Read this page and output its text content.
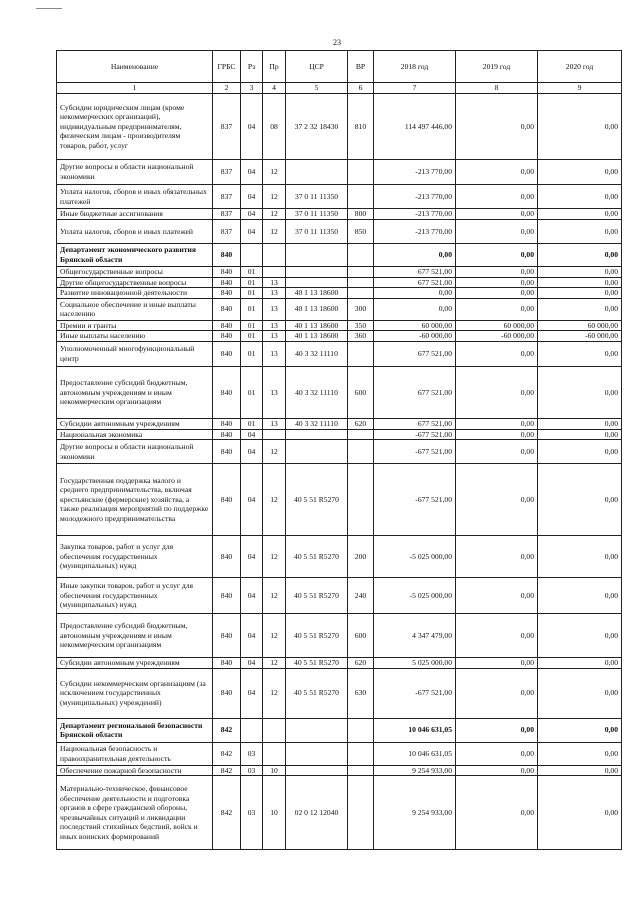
23
Наименование	ГРБС	Рз	Пр	ЦСР	ВР	2018 год	2019 год	2020 год
1	2	3	4	5	6	7	8	9
Субсидии юридическим лицам (кроме некоммерческих организаций), индивидуальным предпринимателям, физическим лицам - производителям товаров, работ, услуг	837	04	08	37 2 32 18430	810	114 497 446,00	0,00	0,00
Другие вопросы в области национальной экономики	837	04	12			-213 770,00	0,00	0,00
Уплата налогов, сборов и иных обязательных платежей	837	04	12	37 0 11 11350		-213 770,00	0,00	0,00
Иные бюджетные ассигнования	837	04	12	37 0 11 11350	800	-213 770,00	0,00	0,00
Уплата налогов, сборов и иных платежей	837	04	12	37 0 11 11350	850	-213 770,00	0,00	0,00
Департамент экономического развития Брянской области	840					0,00	0,00	0,00
Общегосударственные вопросы	840	01				677 521,00	0,00	0,00
Другие общегосударственные вопросы	840	01	13			677 521,00	0,00	0,00
Развитие инновационной деятельности	840	01	13	40 1 13 18600		0,00	0,00	0,00
Социальное обеспечение и иные выплаты населению	840	01	13	40 1 13 18600	300	0,00	0,00	0,00
Премии и гранты	840	01	13	40 1 13 18600	350	60 000,00	60 000,00	60 000,00
Иные выплаты населению	840	01	13	40 1 13 18600	360	-60 000,00	-60 000,00	-60 000,00
Уполномоченный многофункциональный центр	840	01	13	40 3 32 11110		677 521,00	0,00	0,00
Предоставление субсидий бюджетным, автономным учреждениям и иным некоммерческим организациям	840	01	13	40 3 32 11110	600	677 521,00	0,00	0,00
Субсидии автономным учреждениям	840	01	13	40 3 32 11110	620	677 521,00	0,00	0,00
Национальная экономика	840	04				-677 521,00	0,00	0,00
Другие вопросы в области национальной экономики	840	04	12			-677 521,00	0,00	0,00
Государственная поддержка малого и среднего предпринимательства, включая крестьянские (фермерские) хозяйства, а также реализация мероприятий по поддержке молодежного предпринимательства	840	04	12	40 5 51 R5270		-677 521,00	0,00	0,00
Закупка товаров, работ и услуг для обеспечения государственных (муниципальных) нужд	840	04	12	40 5 51 R5270	200	-5 025 000,00	0,00	0,00
Иные закупки товаров, работ и услуг для обеспечения государственных (муниципальных) нужд	840	04	12	40 5 51 R5270	240	-5 025 000,00	0,00	0,00
Предоставление субсидий бюджетным, автономным учреждениям и иным некоммерческим организациям	840	04	12	40 5 51 R5270	600	4 347 479,00	0,00	0,00
Субсидии автономным учреждениям	840	04	12	40 5 51 R5270	620	5 025 000,00	0,00	0,00
Субсидии некоммерческим организациям (за исключением государственных (муниципальных) учреждений)	840	04	12	40 5 51 R5270	630	-677 521,00	0,00	0,00
Департамент региональной безопасности Брянской области	842					10 046 631,05	0,00	0,00
Национальная безопасность и правоохранительная деятельность	842	03				10 046 631,05	0,00	0,00
Обеспечение пожарной безопасности	842	03	10			9 254 933,00	0,00	0,00
Материально-техническое, финансовое обеспечение деятельности и подготовка органов в сфере гражданской обороны, чрезвычайных ситуаций и ликвидации последствий стихийных бедствий, войск и иных воинских формирований	842	03	10	02 0 12 12040		9 254 933,00	0,00	0,00
